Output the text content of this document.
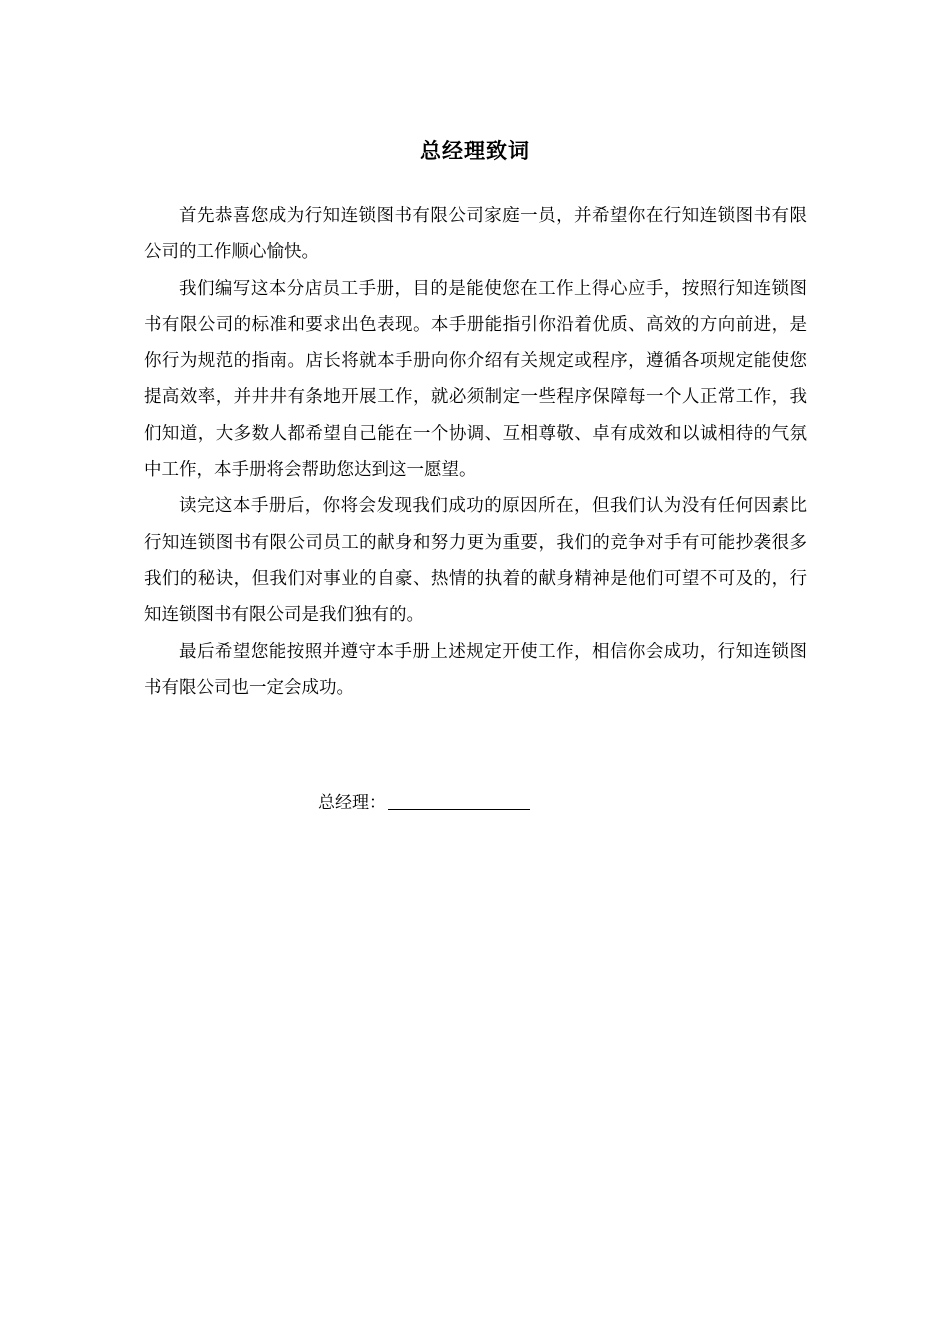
总经理致词

首先恭喜您成为行知连锁图书有限公司家庭一员，并希望你在行知连锁图书有限公司的工作顺心愉快。

我们编写这本分店员工手册，目的是能使您在工作上得心应手，按照行知连锁图书有限公司的标准和要求出色表现。本手册能指引你沿着优质、高效的方向前进，是你行为规范的指南。店长将就本手册向你介绍有关规定或程序，遵循各项规定能使您提高效率，并井井有条地开展工作，就必须制定一些程序保障每一个人正常工作，我们知道，大多数人都希望自己能在一个协调、互相尊敬、卓有成效和以诚相待的气氛中工作，本手册将会帮助您达到这一愿望。

读完这本手册后，你将会发现我们成功的原因所在，但我们认为没有任何因素比行知连锁图书有限公司员工的献身和努力更为重要，我们的竞争对手有可能抄袭很多我们的秘诀，但我们对事业的自豪、热情的执着的献身精神是他们可望不可及的，行知连锁图书有限公司是我们独有的。

最后希望您能按照并遵守本手册上述规定开使工作，相信你会成功，行知连锁图书有限公司也一定会成功。

总经理：
